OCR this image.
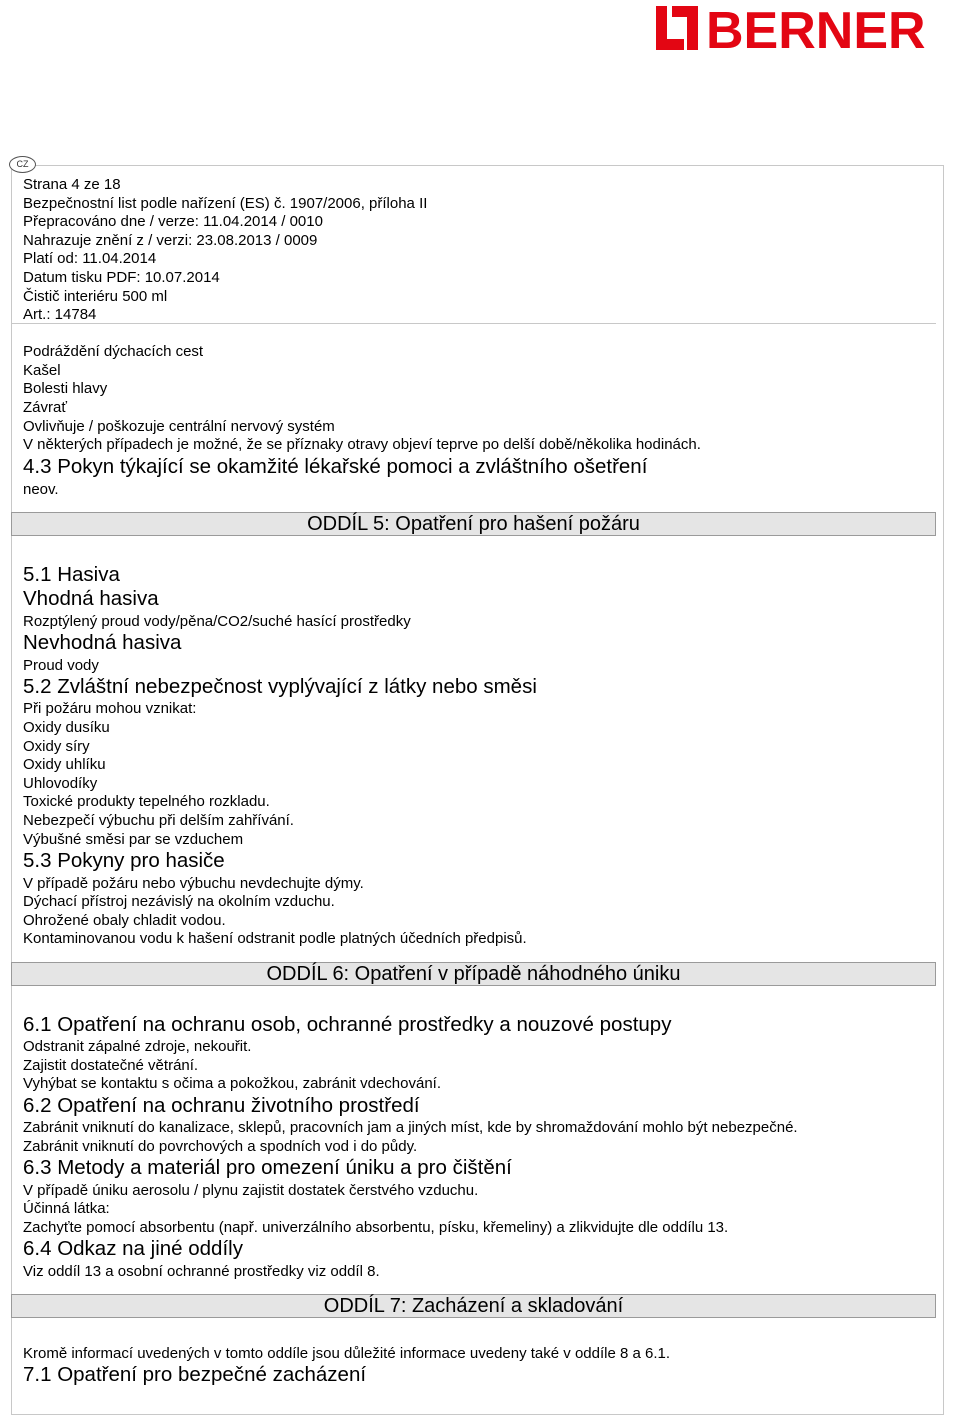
BERNER
CZ
Strana 4 ze 18
Bezpečnostní list podle nařízení (ES) č. 1907/2006, příloha II
Přepracováno dne / verze: 11.04.2014 / 0010
Nahrazuje znění z / verzi: 23.08.2013 / 0009
Platí od: 11.04.2014
Datum tisku PDF: 10.07.2014
Čistič interiéru 500 ml
Art.: 14784
Podráždění dýchacích cest
Kašel
Bolesti hlavy
Závrať
Ovlivňuje / poškozuje centrální nervový systém
V některých případech je možné, že se příznaky otravy objeví teprve po delší době/několika hodinách.
4.3 Pokyn týkající se okamžité lékařské pomoci a zvláštního ošetření
neov.
ODDÍL 5: Opatření pro hašení požáru
5.1 Hasiva
Vhodná hasiva
Rozptýlený proud vody/pěna/CO2/suché hasící prostředky
Nevhodná hasiva
Proud vody
5.2 Zvláštní nebezpečnost vyplývající z látky nebo směsi
Při požáru mohou vznikat:
Oxidy dusíku
Oxidy síry
Oxidy uhlíku
Uhlovodíky
Toxické produkty tepelného rozkladu.
Nebezpečí výbuchu při delším zahřívání.
Výbušné směsi par se vzduchem
5.3 Pokyny pro hasiče
V případě požáru nebo výbuchu nevdechujte dýmy.
Dýchací přístroj nezávislý na okolním vzduchu.
Ohrožené obaly chladit vodou.
Kontaminovanou vodu k hašení odstranit podle platných účedních předpisů.
ODDÍL 6: Opatření v případě náhodného úniku
6.1 Opatření na ochranu osob, ochranné prostředky a nouzové postupy
Odstranit zápalné zdroje, nekouřit.
Zajistit dostatečné větrání.
Vyhýbat se kontaktu s očima a pokožkou, zabránit vdechování.
6.2 Opatření na ochranu životního prostředí
Zabránit vniknutí do kanalizace, sklepů, pracovních jam a jiných míst, kde by shromaždování mohlo být nebezpečné.
Zabránit vniknutí do povrchových a spodních vod i do půdy.
6.3 Metody a materiál pro omezení úniku a pro čištění
V případě úniku aerosolu / plynu zajistit dostatek čerstvého vzduchu.
Účinná látka:
Zachyťte pomocí absorbentu (např. univerzálního absorbentu, písku, křemeliny) a zlikvidujte dle oddílu 13.
6.4 Odkaz na jiné oddíly
Viz oddíl 13 a osobní ochranné prostředky viz oddíl 8.
ODDÍL 7: Zacházení a skladování
Kromě informací uvedených v tomto oddíle jsou důležité informace uvedeny také v oddíle 8 a 6.1.
7.1 Opatření pro bezpečné zacházení
